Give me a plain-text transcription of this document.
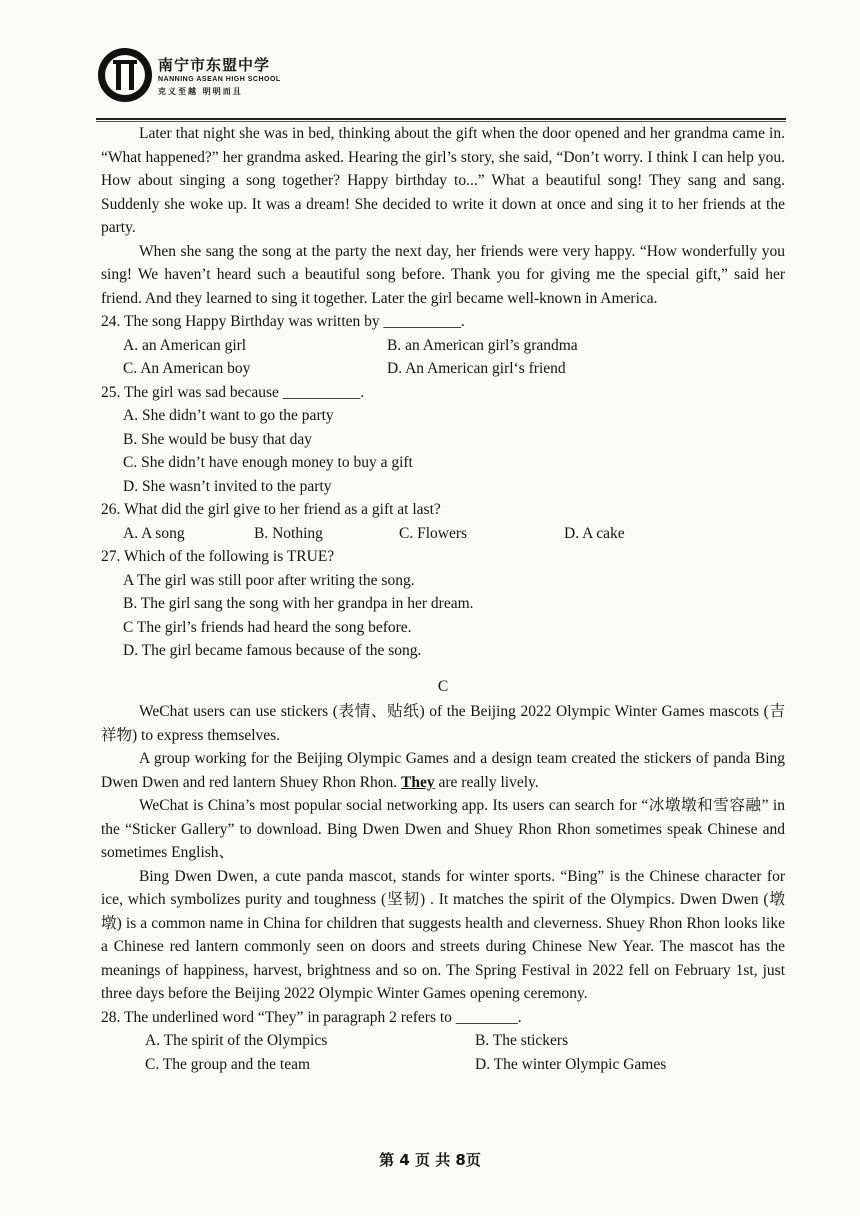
南宁市东盟中学
NANNING ASEAN HIGH SCHOOL
克义至越 明明而且

Later that night she was in bed, thinking about the gift when the door opened and her grandma came in. “What happened?” her grandma asked. Hearing the girl’s story, she said, “Don’t worry. I think I can help you. How about singing a song together? Happy birthday to...” What a beautiful song! They sang and sang. Suddenly she woke up. It was a dream! She decided to write it down at once and sing it to her friends at the party.

When she sang the song at the party the next day, her friends were very happy. “How wonderfully you sing! We haven’t heard such a beautiful song before. Thank you for giving me the special gift,” said her friend. And they learned to sing it together. Later the girl became well-known in America.

24. The song Happy Birthday was written by __________.

A. an American girl	B. an American girl’s grandma
C. An American boy	D. An American girl‘s friend

25. The girl was sad because __________.

A. She didn’t want to go the party

B. She would be busy that day

C. She didn’t have enough money to buy a gift

D. She wasn’t invited to the party

26. What did the girl give to her friend as a gift at last?

A. A song	B. Nothing	C. Flowers	D. A cake

27. Which of the following is TRUE?

A The girl was still poor after writing the song.

B. The girl sang the song with her grandpa in her dream.

C The girl’s friends had heard the song before.

D. The girl became famous because of the song.

C

WeChat users can use stickers (表情、贴纸) of the Beijing 2022 Olympic Winter Games mascots (吉祥物) to express themselves.

A group working for the Beijing Olympic Games and a design team created the stickers of panda Bing Dwen Dwen and red lantern Shuey Rhon Rhon. They are really lively.

WeChat is China’s most popular social networking app. Its users can search for “冰墩墩和雪容融” in the “Sticker Gallery” to download. Bing Dwen Dwen and Shuey Rhon Rhon sometimes speak Chinese and sometimes English、

Bing Dwen Dwen, a cute panda mascot, stands for winter sports. “Bing” is the Chinese character for ice, which symbolizes purity and toughness (坚韧) . It matches the spirit of the Olympics. Dwen Dwen (墩墩) is a common name in China for children that suggests health and cleverness. Shuey Rhon Rhon looks like a Chinese red lantern commonly seen on doors and streets during Chinese New Year. The mascot has the meanings of happiness, harvest, brightness and so on. The Spring Festival in 2022 fell on February 1st, just three days before the Beijing 2022 Olympic Winter Games opening ceremony.

28. The underlined word “They” in paragraph 2 refers to ________.

A. The spirit of the Olympics	B. The stickers
C. The group and the team	D. The winter Olympic Games
第 4 页 共 8页
